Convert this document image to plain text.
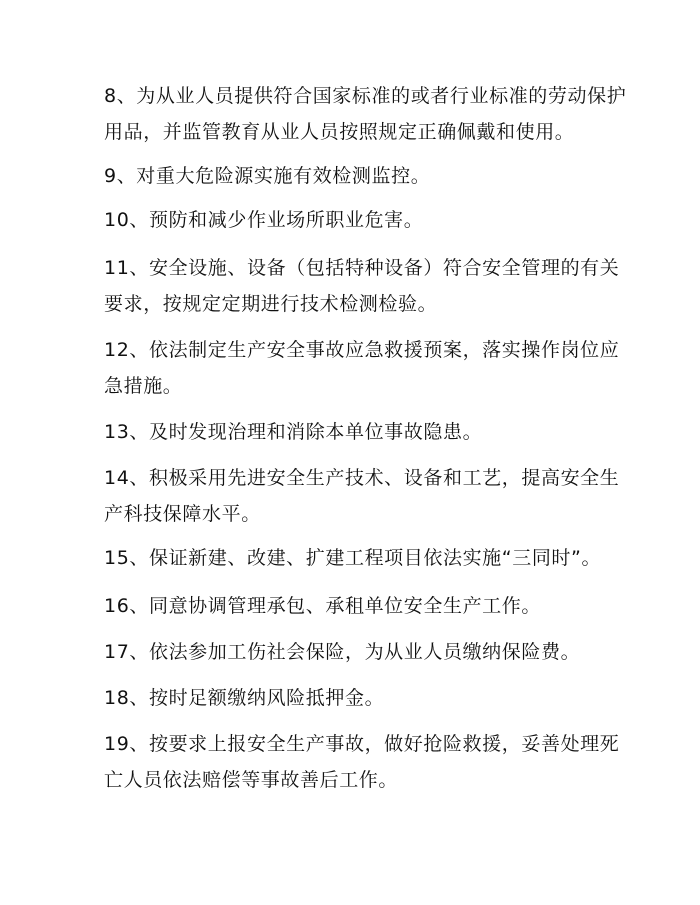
8、为从业人员提供符合国家标准的或者行业标准的劳动保护
用品，并监管教育从业人员按照规定正确佩戴和使用。
9、对重大危险源实施有效检测监控。
10、预防和减少作业场所职业危害。
11、安全设施、设备（包括特种设备）符合安全管理的有关
要求，按规定定期进行技术检测检验。
12、依法制定生产安全事故应急救援预案，落实操作岗位应
急措施。
13、及时发现治理和消除本单位事故隐患。
14、积极采用先进安全生产技术、设备和工艺，提高安全生
产科技保障水平。
15、保证新建、改建、扩建工程项目依法实施“三同时”。
16、同意协调管理承包、承租单位安全生产工作。
17、依法参加工伤社会保险，为从业人员缴纳保险费。
18、按时足额缴纳风险抵押金。
19、按要求上报安全生产事故，做好抢险救援，妥善处理死
亡人员依法赔偿等事故善后工作。
